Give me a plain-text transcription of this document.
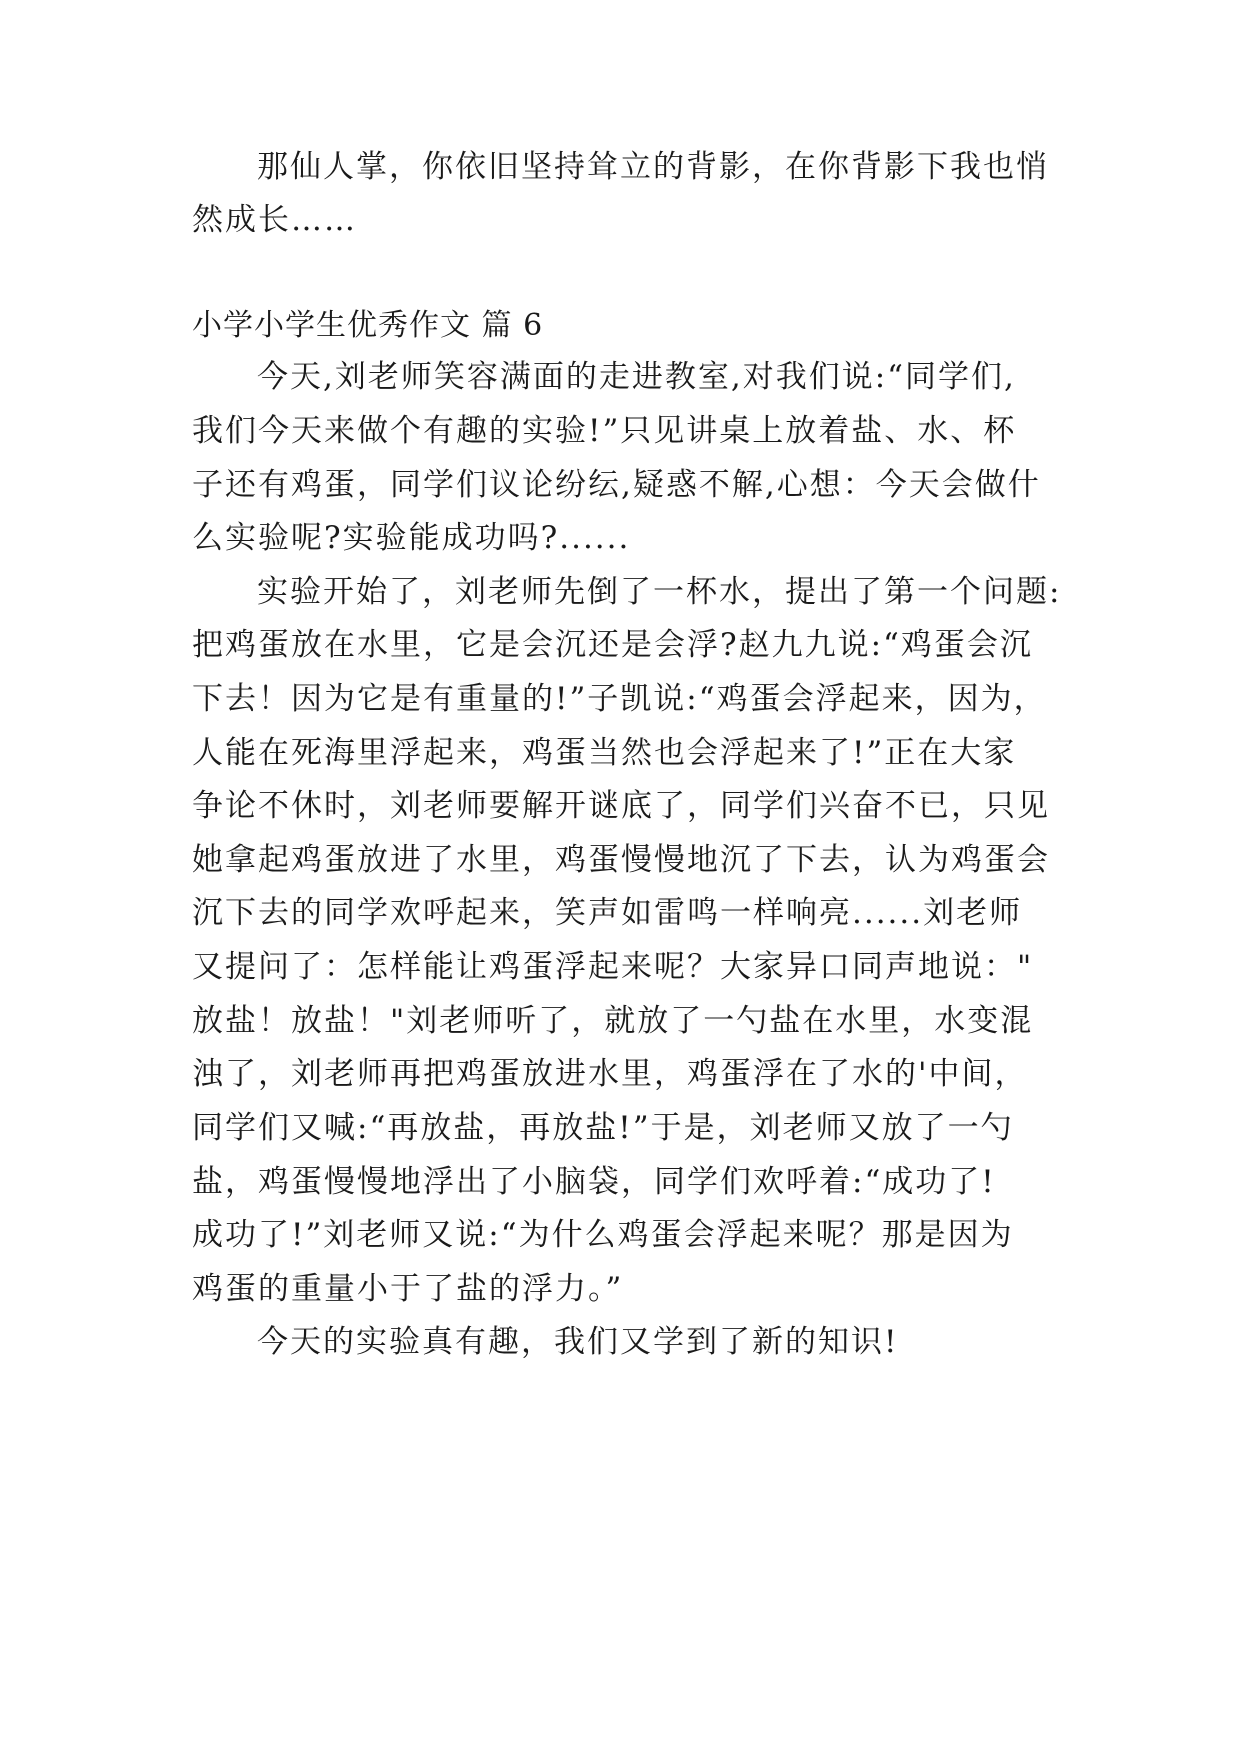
那仙人掌，你依旧坚持耸立的背影，在你背影下我也悄
然成长……
小学小学生优秀作文 篇 6
今天,刘老师笑容满面的走进教室,对我们说:“同学们,
我们今天来做个有趣的实验!”只见讲桌上放着盐、水、杯
子还有鸡蛋，同学们议论纷纭,疑惑不解,心想：今天会做什
么实验呢?实验能成功吗?......
实验开始了，刘老师先倒了一杯水，提出了第一个问题:
把鸡蛋放在水里，它是会沉还是会浮?赵九九说:“鸡蛋会沉
下去！因为它是有重量的!”子凯说:“鸡蛋会浮起来，因为，
人能在死海里浮起来，鸡蛋当然也会浮起来了!”正在大家
争论不休时，刘老师要解开谜底了，同学们兴奋不已，只见
她拿起鸡蛋放进了水里，鸡蛋慢慢地沉了下去，认为鸡蛋会
沉下去的同学欢呼起来，笑声如雷鸣一样响亮......刘老师
又提问了：怎样能让鸡蛋浮起来呢？大家异口同声地说："
放盐！放盐！"刘老师听了，就放了一勺盐在水里，水变混
浊了，刘老师再把鸡蛋放进水里，鸡蛋浮在了水的'中间，
同学们又喊:“再放盐，再放盐!”于是，刘老师又放了一勺
盐，鸡蛋慢慢地浮出了小脑袋，同学们欢呼着:“成功了!
成功了!”刘老师又说:“为什么鸡蛋会浮起来呢？那是因为
鸡蛋的重量小于了盐的浮力。”
今天的实验真有趣，我们又学到了新的知识!
